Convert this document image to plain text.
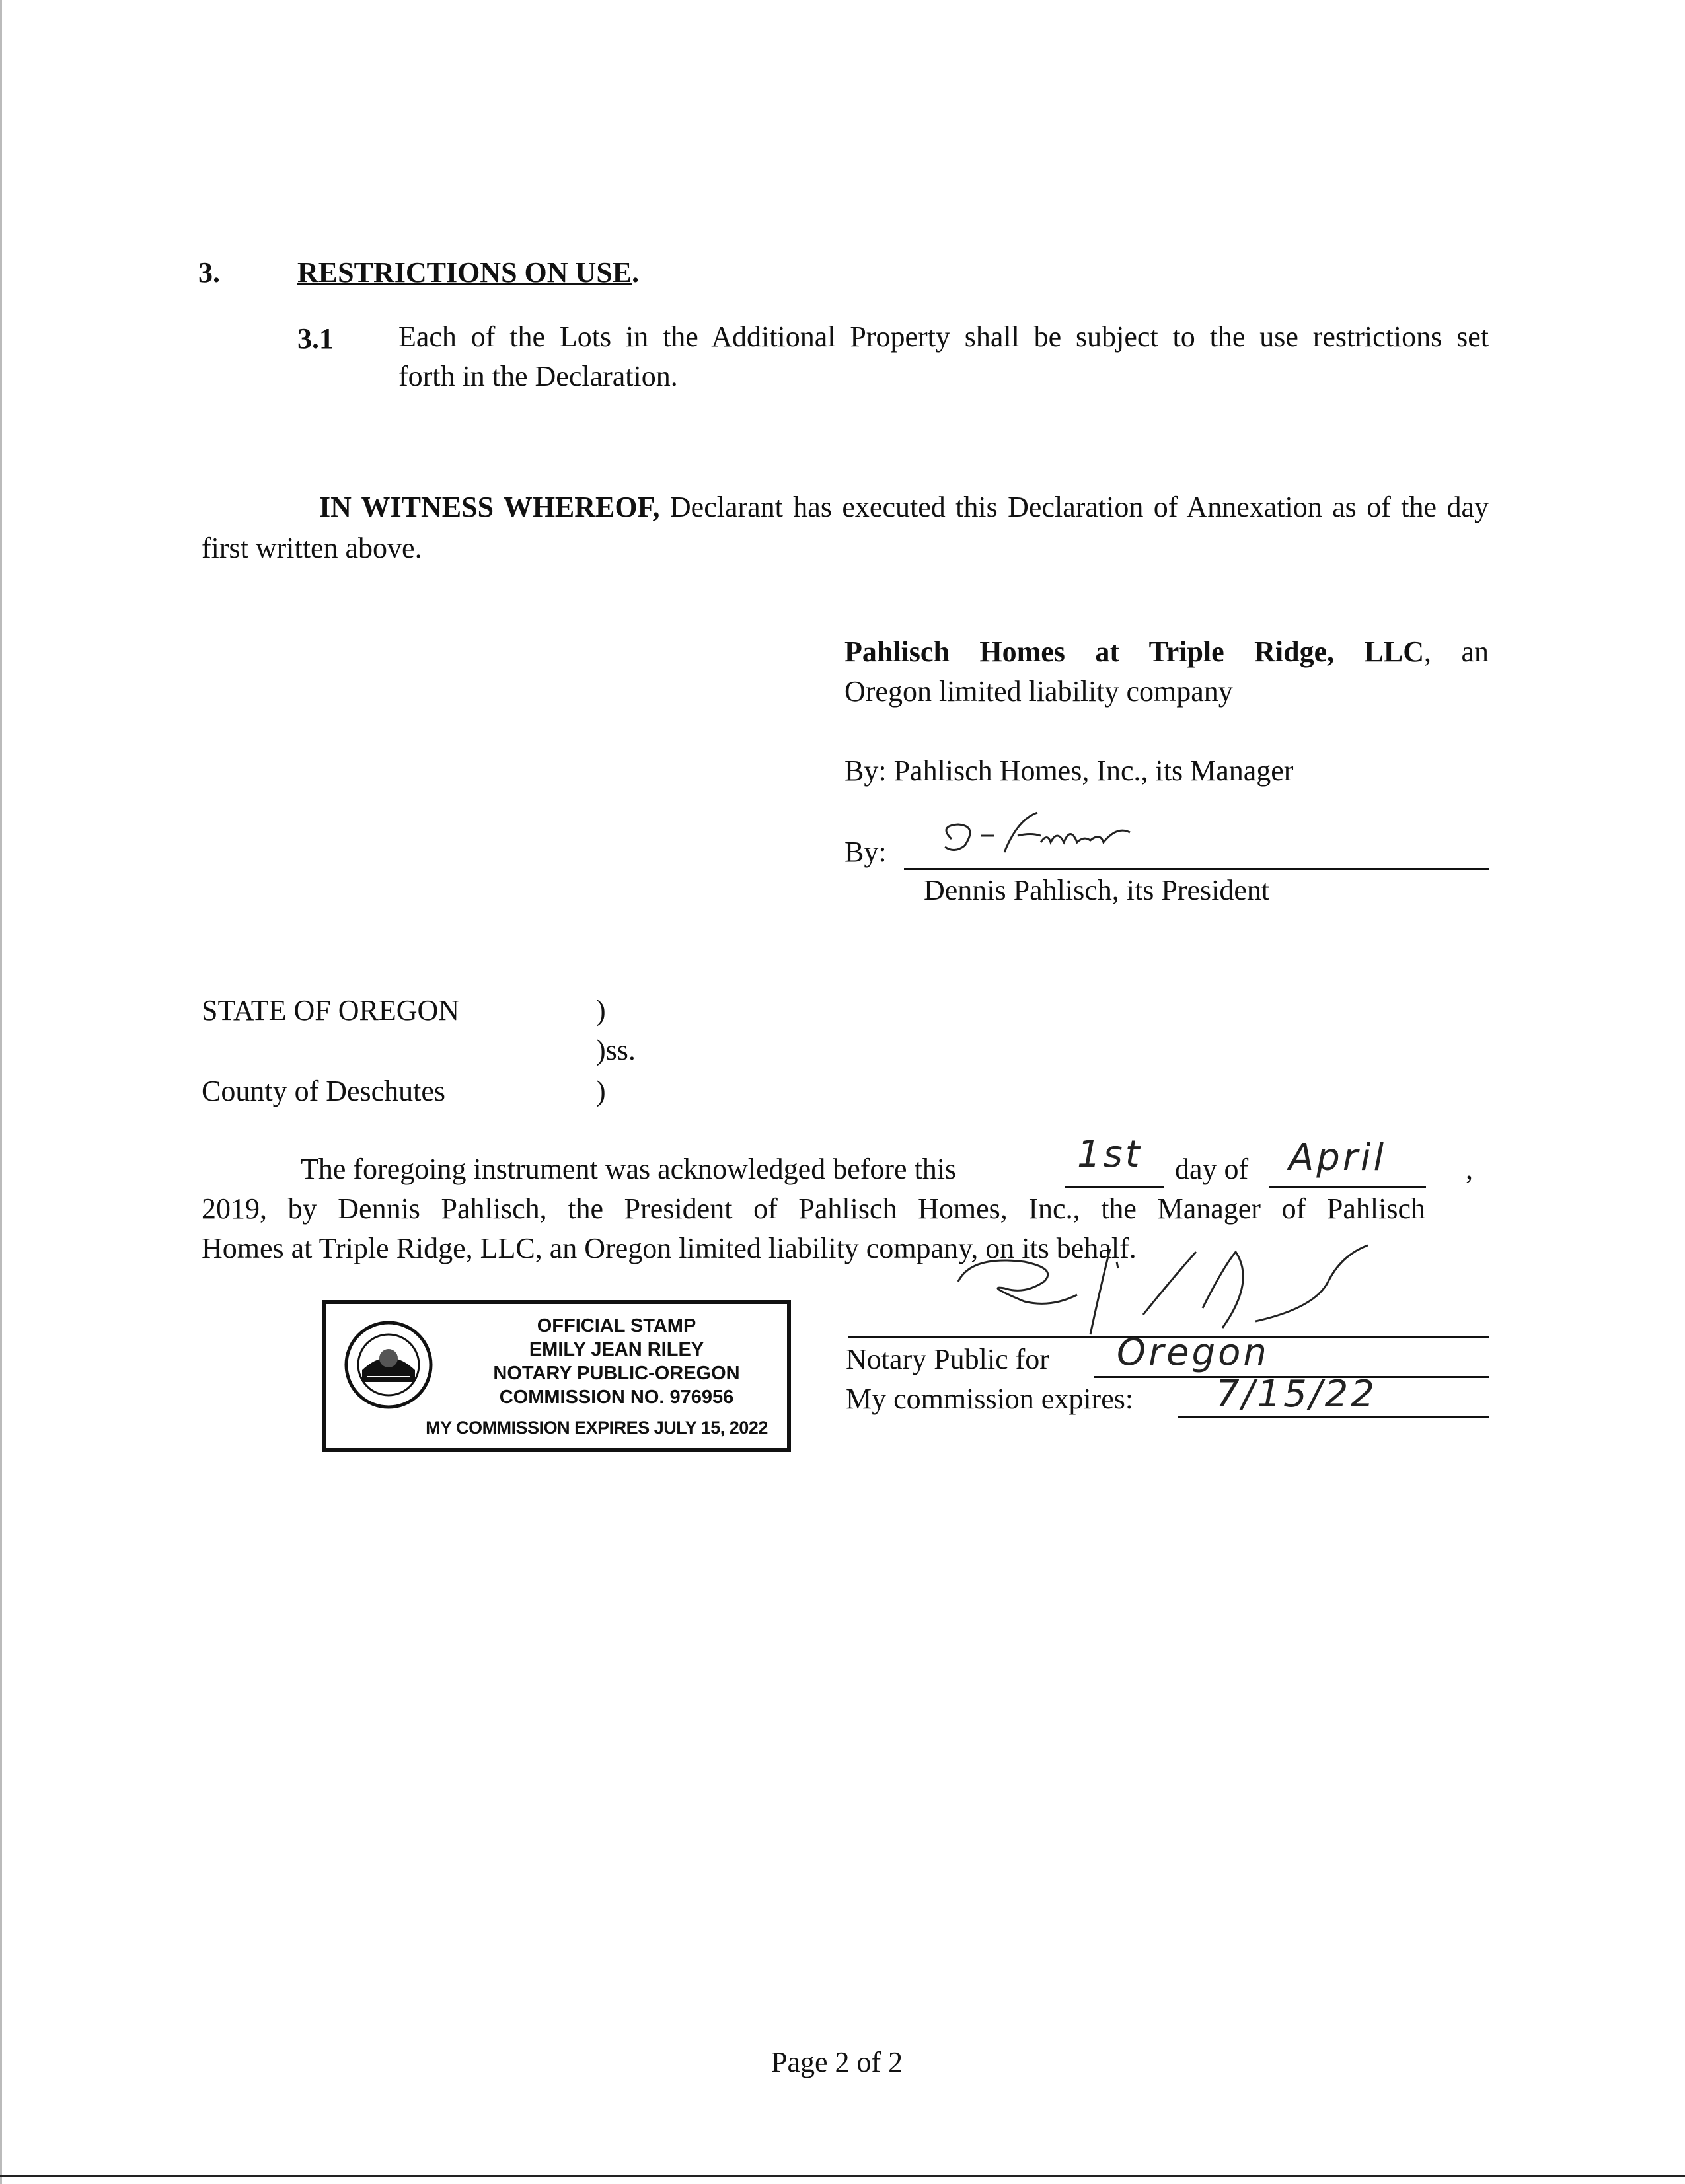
3.	RESTRICTIONS ON USE.
3.1 Each of the Lots in the Additional Property shall be subject to the use restrictions set
forth in the Declaration.
IN WITNESS WHEREOF, Declarant has executed this Declaration of Annexation as of the day
first written above.
Pahlisch Homes at Triple Ridge, LLC, an
Oregon limited liability company
By: Pahlisch Homes, Inc., its Manager
By:
Dennis Pahlisch, its President
STATE OF OREGON	)
)ss.
County of Deschutes	)
The foregoing instrument was acknowledged before this	1st day of April	,
2019, by Dennis Pahlisch, the President of Pahlisch Homes, Inc., the Manager of Pahlisch
Homes at Triple Ridge, LLC, an Oregon limited liability company, on its behalf.
Notary Public for Oregon
My commission expires: 7/15/22
OFFICIAL STAMP
EMILY JEAN RILEY
NOTARY PUBLIC-OREGON
COMMISSION NO. 976956
MY COMMISSION EXPIRES JULY 15, 2022
Page 2 of 2
